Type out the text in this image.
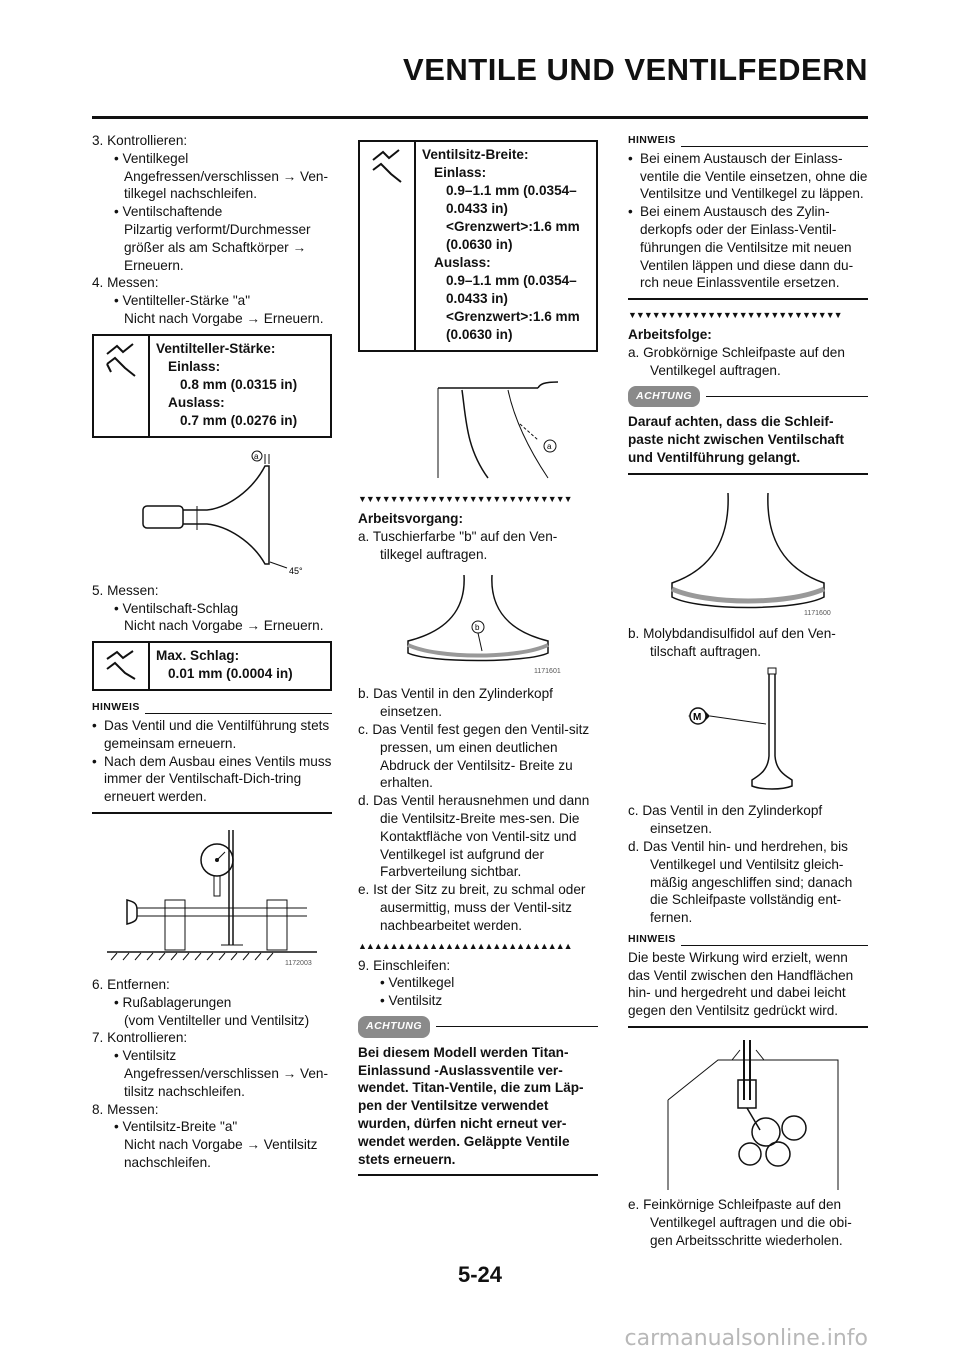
VENTILE UND VENTILFEDERN

3. Kontrollieren:

• Ventilkegel

Angefressen/verschlissen → Ven-tilkegel nachschleifen.

• Ventilschaftende

Pilzartig verformt/Durchmesser größer als am Schaftkörper → Erneuern.

4. Messen:

• Ventilteller-Stärke "a"

Nicht nach Vorgabe → Erneuern.

Ventilteller-Stärke:
Einlass:
0.8 mm (0.0315 in)
Auslass:
0.7 mm (0.0276 in)
a
45°

5. Messen:

• Ventilschaft-Schlag

Nicht nach Vorgabe → Erneuern.

Max. Schlag:
0.01 mm (0.0004 in)
HINWEIS

• Das Ventil und die Ventilführung stets gemeinsam erneuern.

• Nach dem Ausbau eines Ventils muss immer der Ventilschaft-Dich-tring erneuert werden.

1172003

6. Entfernen:

• Rußablagerungen

(vom Ventilteller und Ventilsitz)

7. Kontrollieren:

• Ventilsitz

Angefressen/verschlissen → Ven-tilsitz nachschleifen.

8. Messen:

• Ventilsitz-Breite "a"

Nicht nach Vorgabe → Ventilsitz nachschleifen.

Ventilsitz-Breite:
Einlass:
0.9–1.1 mm (0.0354–
0.0433 in)
<Grenzwert>:1.6 mm
(0.0630 in)
Auslass:
0.9–1.1 mm (0.0354–
0.0433 in)
<Grenzwert>:1.6 mm
(0.0630 in)
a
▼▼▼▼▼▼▼▼▼▼▼▼▼▼▼▼▼▼▼▼▼▼▼▼▼▼▼

Arbeitsvorgang:

a. Tuschierfarbe "b" auf den Ven-tilkegel auftragen.

b
1171601

b. Das Ventil in den Zylinderkopf einsetzen.

c. Das Ventil fest gegen den Ventil-sitz pressen, um einen deutlichen Abdruck der Ventilsitz- Breite zu erhalten.

d. Das Ventil herausnehmen und dann die Ventilsitz-Breite mes-sen. Die Kontaktfläche von Ventil-sitz und Ventilkegel ist aufgrund der Farbverteilung sichtbar.

e. Ist der Sitz zu breit, zu schmal oder ausermittig, muss der Ventil-sitz nachbearbeitet werden.

▲▲▲▲▲▲▲▲▲▲▲▲▲▲▲▲▲▲▲▲▲▲▲▲▲▲▲

9. Einschleifen:

• Ventilkegel

• Ventilsitz

ACHTUNG

Bei diesem Modell werden Titan-Einlassund -Auslassventile ver-wendet. Titan-Ventile, die zum Läp-pen der Ventilsitze verwendet wurden, dürfen nicht erneut ver-wendet werden. Geläppte Ventile stets erneuern.

HINWEIS

• Bei einem Austausch der Einlass-ventile die Ventile einsetzen, ohne die Ventilsitze und Ventilkegel zu läppen.

• Bei einem Austausch des Zylin-derkopfs oder der Einlass-Ventil-führungen die Ventilsitze mit neuen Ventilen läppen und diese dann du-rch neue Einlassventile ersetzen.

▼▼▼▼▼▼▼▼▼▼▼▼▼▼▼▼▼▼▼▼▼▼▼▼▼▼▼

Arbeitsfolge:

a. Grobkörnige Schleifpaste auf den Ventilkegel auftragen.

ACHTUNG

Darauf achten, dass die Schleif-paste nicht zwischen Ventilschaft und Ventilführung gelangt.

1171600

b. Molybdandisulfidol auf den Ven-tilschaft auftragen.

M

c. Das Ventil in den Zylinderkopf einsetzen.

d. Das Ventil hin- und herdrehen, bis Ventilkegel und Ventilsitz gleich-mäßig angeschliffen sind; danach die Schleifpaste vollständig ent-fernen.

HINWEIS

Die beste Wirkung wird erzielt, wenn das Ventil zwischen den Handflächen hin- und hergedreht und dabei leicht gegen den Ventilsitz gedrückt wird.

e. Feinkörnige Schleifpaste auf den Ventilkegel auftragen und die obi-gen Arbeitsschritte wiederholen.

5-24
carmanualsonline.info
